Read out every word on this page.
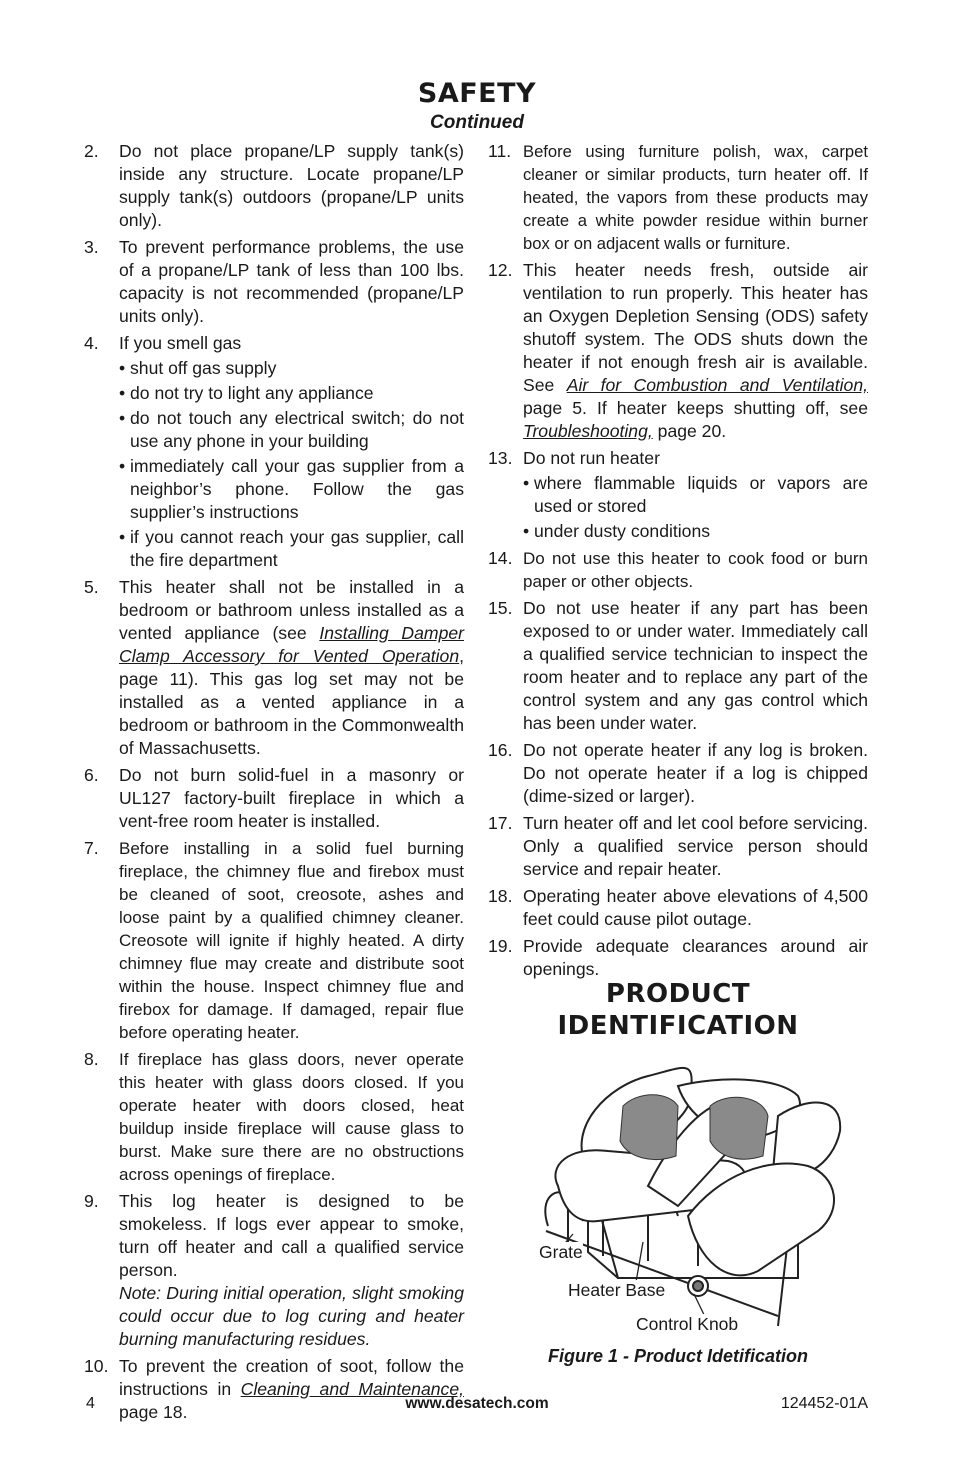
SAFETY
Continued
2.	Do not place propane/LP supply tank(s) inside any structure. Locate propane/LP supply tank(s) outdoors (propane/LP units only).

3.	To prevent performance problems, the use of a propane/LP tank of less than 100 lbs. capacity is not recommended (propane/LP units only).

4.	If you smell gas

• shut off gas supply
• do not try to light any appliance
• do not touch any electrical switch; do not use any phone in your building
• immediately call your gas supplier from a neighbor’s phone. Follow the gas supplier’s instructions
• if you cannot reach your gas supplier, call the fire department
5.	This heater shall not be installed in a bedroom or bathroom unless installed as a vented appliance (see Installing Damper Clamp Accessory for Vented Operation, page 11). This gas log set may not be installed as a vented appliance in a bedroom or bathroom in the Commonwealth of Massachusetts.

6.	Do not burn solid-fuel in a masonry or UL127 factory-built fireplace in which a vent-free room heater is installed.

7.	Before installing in a solid fuel burning fireplace, the chimney flue and firebox must be cleaned of soot, creosote, ashes and loose paint by a qualified chimney cleaner. Creosote will ignite if highly heated. A dirty chimney flue may create and distribute soot within the house. Inspect chimney flue and firebox for damage. If damaged, repair flue before operating heater.

8.	If fireplace has glass doors, never operate this heater with glass doors closed. If you operate heater with doors closed, heat buildup inside fireplace will cause glass to burst. Make sure there are no obstructions across openings of fireplace.

9.	This log heater is designed to be smokeless. If logs ever appear to smoke, turn off heater and call a qualified service person.

Note: During initial operation, slight smoking could occur due to log curing and heater burning manufacturing residues.

10. To prevent the creation of soot, follow the instructions in Cleaning and Maintenance, page 18.

11. Before using furniture polish, wax, carpet cleaner or similar products, turn heater off. If heated, the vapors from these products may create a white powder residue within burner box or on adjacent walls or furniture.

12. This heater needs fresh, outside air ventilation to run properly. This heater has an Oxygen Depletion Sensing (ODS) safety shutoff system. The ODS shuts down the heater if not enough fresh air is available. See Air for Combustion and Ventilation, page 5. If heater keeps shutting off, see Troubleshooting, page 20.

13. Do not run heater

• where flammable liquids or vapors are used or stored
• under dusty conditions
14. Do not use this heater to cook food or burn paper or other objects.

15. Do not use heater if any part has been exposed to or under water. Immediately call a qualified service technician to inspect the room heater and to replace any part of the control system and any gas control which has been under water.

16. Do not operate heater if any log is broken. Do not operate heater if a log is chipped (dime-sized or larger).

17. Turn heater off and let cool before servicing. Only a qualified service person should service and repair heater.

18. Operating heater above elevations of 4,500 feet could cause pilot outage.

19. Provide adequate clearances around air openings.

PRODUCT
IDENTIFICATION
Grate
Heater Base
Control Knob
Figure 1 - Product Idetification
4	www.desatech.com	124452-01A
